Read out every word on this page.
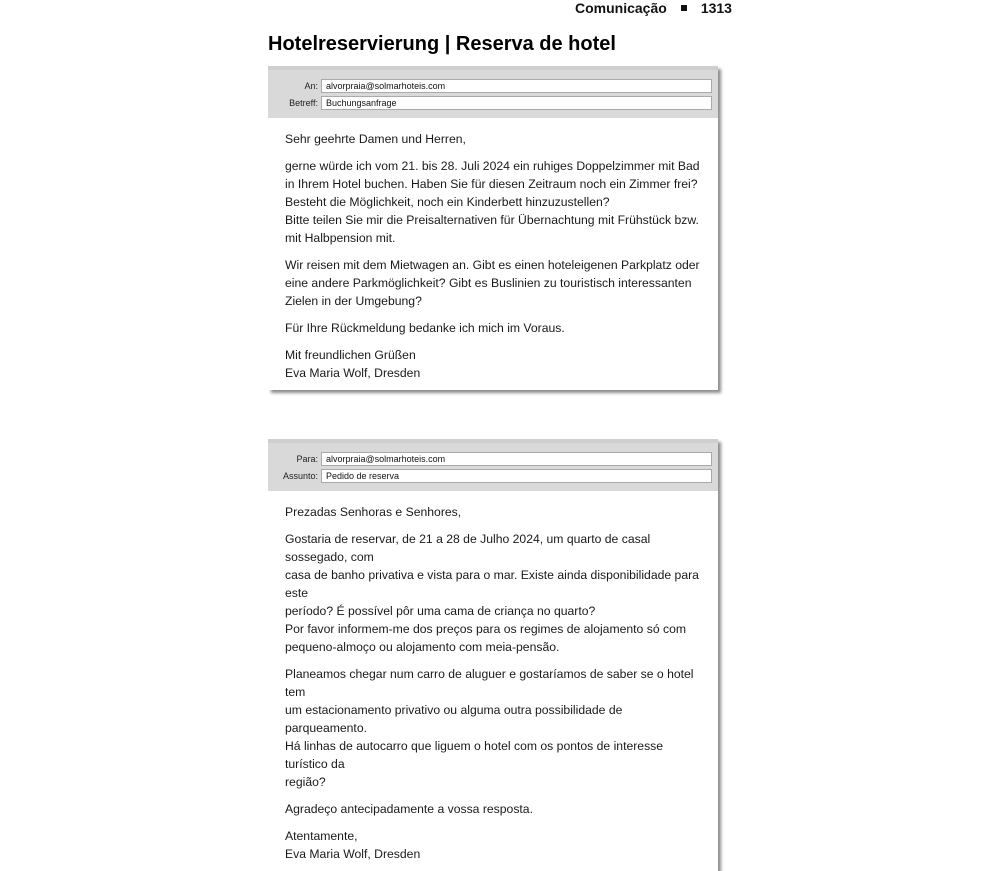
Comunicação 1313
Hotelreservierung | Reserva de hotel
An: alvorpraia@solmarhoteis.com
Betreff: Buchungsanfrage

Sehr geehrte Damen und Herren,

gerne würde ich vom 21. bis 28. Juli 2024 ein ruhiges Doppelzimmer mit Bad
in Ihrem Hotel buchen. Haben Sie für diesen Zeitraum noch ein Zimmer frei?
Besteht die Möglichkeit, noch ein Kinderbett hinzuzustellen?
Bitte teilen Sie mir die Preisalternativen für Übernachtung mit Frühstück bzw.
mit Halbpension mit.

Wir reisen mit dem Mietwagen an. Gibt es einen hoteleigenen Parkplatz oder
eine andere Parkmöglichkeit? Gibt es Buslinien zu touristisch interessanten
Zielen in der Umgebung?

Für Ihre Rückmeldung bedanke ich mich im Voraus.

Mit freundlichen Grüßen
Eva Maria Wolf, Dresden

Para: alvorpraia@solmarhoteis.com
Assunto: Pedido de reserva

Prezadas Senhoras e Senhores,

Gostaria de reservar, de 21 a 28 de Julho 2024, um quarto de casal sossegado, com
casa de banho privativa e vista para o mar. Existe ainda disponibilidade para este
período? É possível pôr uma cama de criança no quarto?
Por favor informem-me dos preços para os regimes de alojamento só com
pequeno-almoço ou alojamento com meia-pensão.

Planeamos chegar num carro de aluguer e gostaríamos de saber se o hotel tem
um estacionamento privativo ou alguma outra possibilidade de parqueamento.
Há linhas de autocarro que liguem o hotel com os pontos de interesse turístico da
região?

Agradeço antecipadamente a vossa resposta.

Atentamente,
Eva Maria Wolf, Dresden
